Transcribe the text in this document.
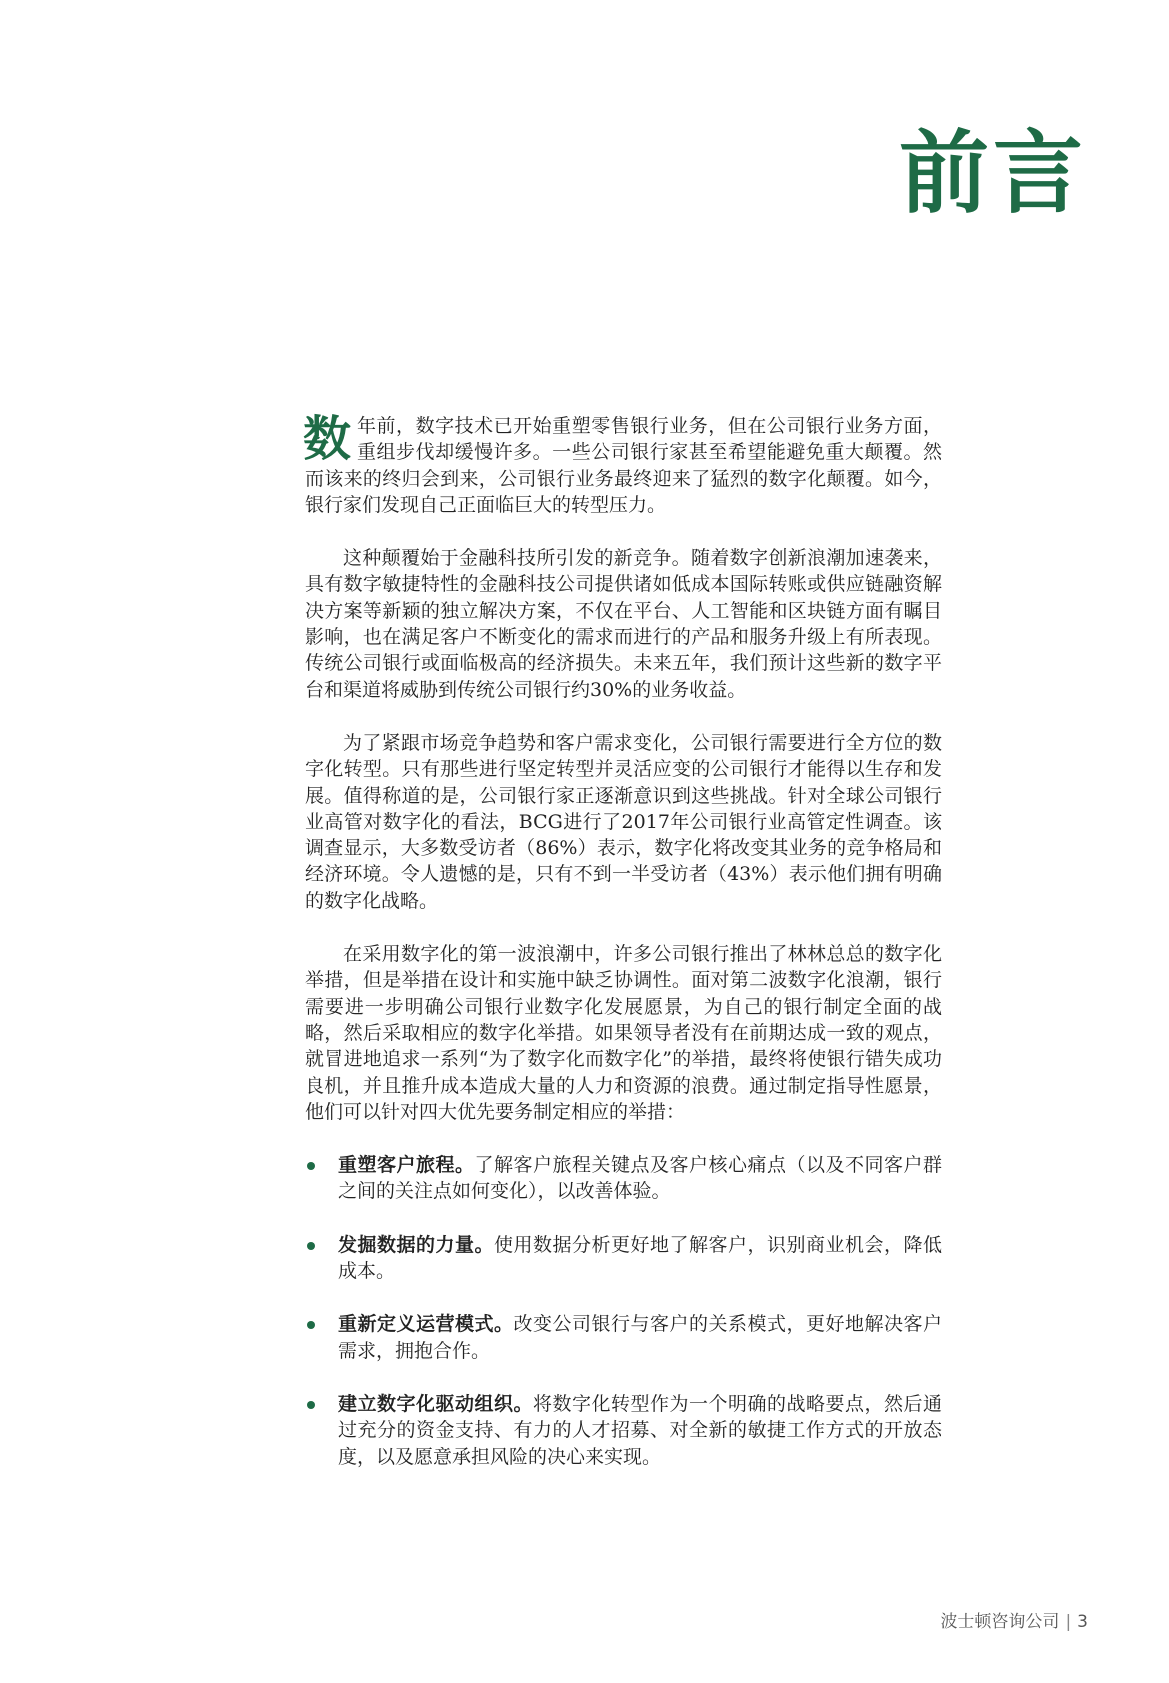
前言

数年前，数字技术已开始重塑零售银行业务，但在公司银行业务方面，重组步伐却缓慢许多。一些公司银行家甚至希望能避免重大颠覆。然而该来的终归会到来，公司银行业务最终迎来了猛烈的数字化颠覆。如今，银行家们发现自己正面临巨大的转型压力。

这种颠覆始于金融科技所引发的新竞争。随着数字创新浪潮加速袭来，具有数字敏捷特性的金融科技公司提供诸如低成本国际转账或供应链融资解决方案等新颖的独立解决方案，不仅在平台、人工智能和区块链方面有瞩目影响，也在满足客户不断变化的需求而进行的产品和服务升级上有所表现。传统公司银行或面临极高的经济损失。未来五年，我们预计这些新的数字平台和渠道将威胁到传统公司银行约30%的业务收益。

为了紧跟市场竞争趋势和客户需求变化，公司银行需要进行全方位的数字化转型。只有那些进行坚定转型并灵活应变的公司银行才能得以生存和发展。值得称道的是，公司银行家正逐渐意识到这些挑战。针对全球公司银行业高管对数字化的看法，BCG进行了2017年公司银行业高管定性调查。该调查显示，大多数受访者（86%）表示，数字化将改变其业务的竞争格局和经济环境。令人遗憾的是，只有不到一半受访者（43%）表示他们拥有明确的数字化战略。

在采用数字化的第一波浪潮中，许多公司银行推出了林林总总的数字化举措，但是举措在设计和实施中缺乏协调性。面对第二波数字化浪潮，银行需要进一步明确公司银行业数字化发展愿景，为自己的银行制定全面的战略，然后采取相应的数字化举措。如果领导者没有在前期达成一致的观点，就冒进地追求一系列“为了数字化而数字化”的举措，最终将使银行错失成功良机，并且推升成本造成大量的人力和资源的浪费。通过制定指导性愿景，他们可以针对四大优先要务制定相应的举措：

重塑客户旅程。了解客户旅程关键点及客户核心痛点（以及不同客户群之间的关注点如何变化），以改善体验。
发掘数据的力量。使用数据分析更好地了解客户，识别商业机会，降低成本。
重新定义运营模式。改变公司银行与客户的关系模式，更好地解决客户需求，拥抱合作。
建立数字化驱动组织。将数字化转型作为一个明确的战略要点，然后通过充分的资金支持、有力的人才招募、对全新的敏捷工作方式的开放态度，以及愿意承担风险的决心来实现。
波士顿咨询公司 | 3
